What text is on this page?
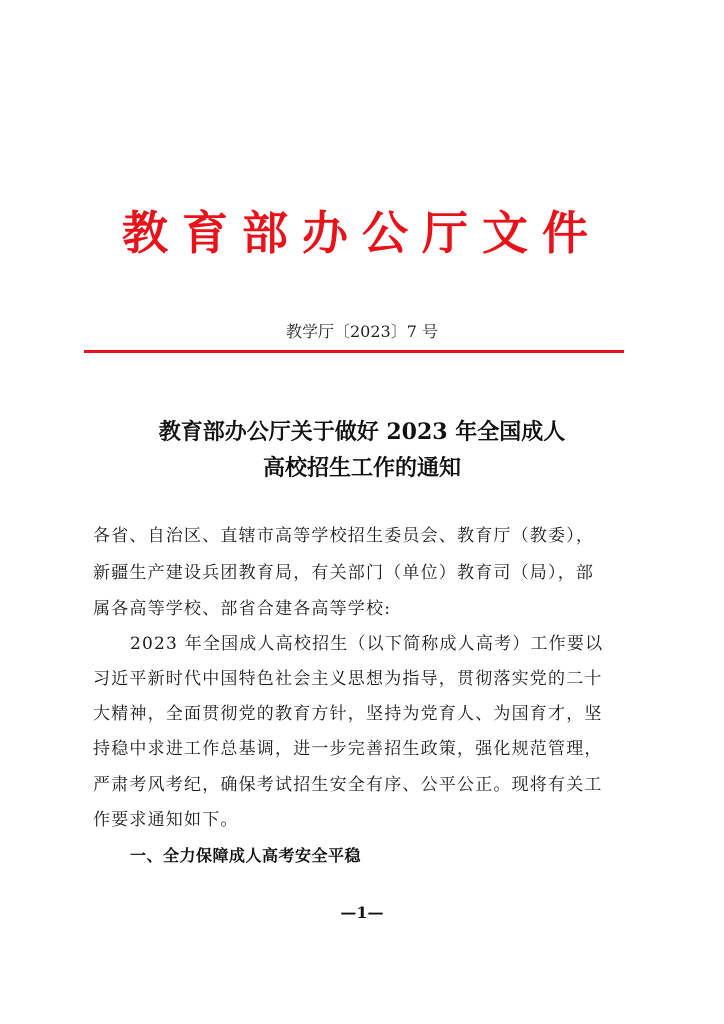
教育部办公厅文件
教学厅〔2023〕7 号
教育部办公厅关于做好 2023 年全国成人
高校招生工作的通知
各省、自治区、直辖市高等学校招生委员会、教育厅（教委），
新疆生产建设兵团教育局，有关部门（单位）教育司（局），部
属各高等学校、部省合建各高等学校:
2023 年全国成人高校招生（以下简称成人高考）工作要以
习近平新时代中国特色社会主义思想为指导，贯彻落实党的二十
大精神，全面贯彻党的教育方针，坚持为党育人、为国育才，坚
持稳中求进工作总基调，进一步完善招生政策，强化规范管理，
严肃考风考纪，确保考试招生安全有序、公平公正。现将有关工
作要求通知如下。
一、全力保障成人高考安全平稳
—1—
